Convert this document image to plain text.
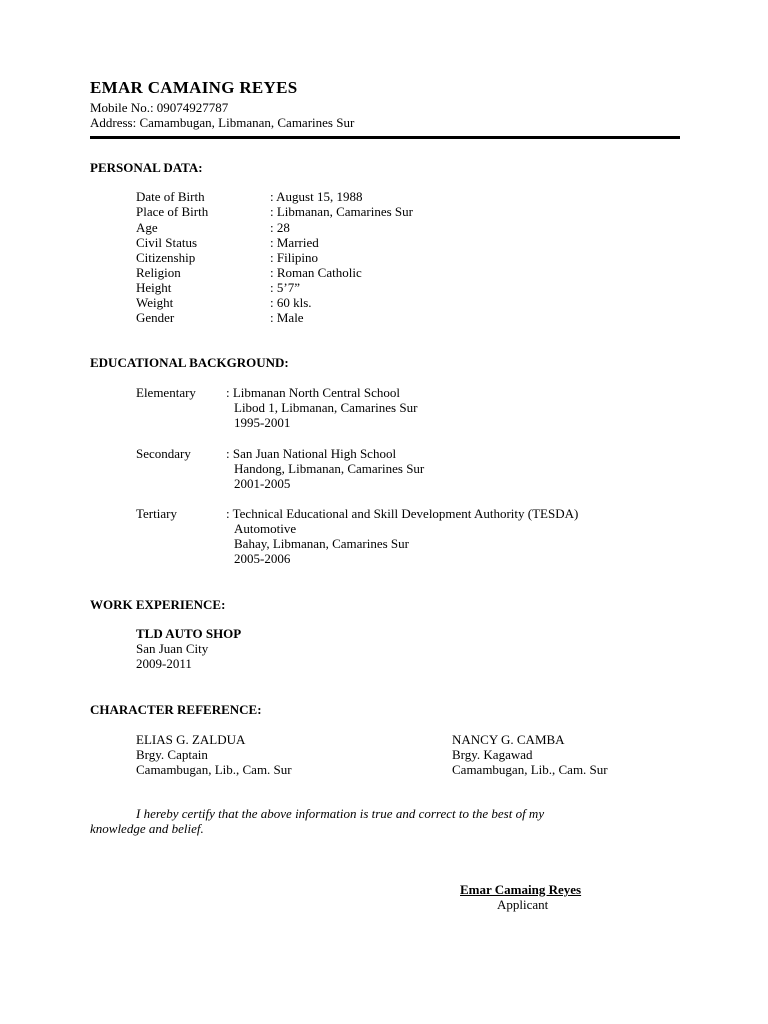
EMAR CAMAING REYES
Mobile No.: 09074927787
Address: Camambugan, Libmanan, Camarines Sur
PERSONAL DATA:
Date of Birth	: August 15, 1988
Place of Birth	: Libmanan, Camarines Sur
Age	: 28
Civil Status	: Married
Citizenship	: Filipino
Religion	: Roman Catholic
Height	: 5’7”
Weight	: 60 kls.
Gender	: Male
EDUCATIONAL BACKGROUND:
Elementary : Libmanan North Central School
Libod 1, Libmanan, Camarines Sur
1995-2001
Secondary	: San Juan National High School
Handong, Libmanan, Camarines Sur
2001-2005
Tertiary	: Technical Educational and Skill Development Authority (TESDA)
Automotive
Bahay, Libmanan, Camarines Sur
2005-2006
WORK EXPERIENCE:
TLD AUTO SHOP
San Juan City
2009-2011
CHARACTER REFERENCE:
ELIAS G. ZALDUA
Brgy. Captain
Camambugan, Lib., Cam. Sur
NANCY G. CAMBA
Brgy. Kagawad
Camambugan, Lib., Cam. Sur
I hereby certify that the above information is true and correct to the best of my
knowledge and belief.
Emar Camaing Reyes
Applicant
